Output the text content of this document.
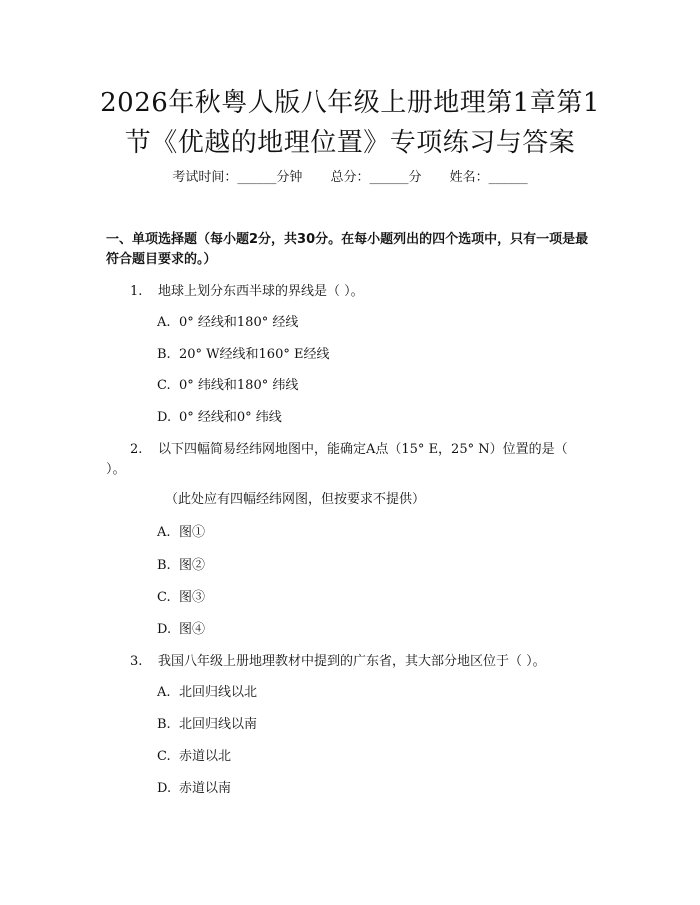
2026年秋粤人版八年级上册地理第1章第1
节《优越的地理位置》专项练习与答案
考试时间：______分钟 总分：______分 姓名：______
一、单项选择题（每小题2分，共30分。在每小题列出的四个选项中，只有一项是最符合题目要求的。）
1. 地球上划分东西半球的界线是（ ）。
A. 0° 经线和180° 经线
B. 20° W经线和160° E经线
C. 0° 纬线和180° 纬线
D. 0° 经线和0° 纬线
2. 以下四幅简易经纬网地图中，能确定A点（15° E，25° N）位置的是（ ）。
（此处应有四幅经纬网图，但按要求不提供）
A. 图①
B. 图②
C. 图③
D. 图④
3. 我国八年级上册地理教材中提到的广东省，其大部分地区位于（ ）。
A. 北回归线以北
B. 北回归线以南
C. 赤道以北
D. 赤道以南
